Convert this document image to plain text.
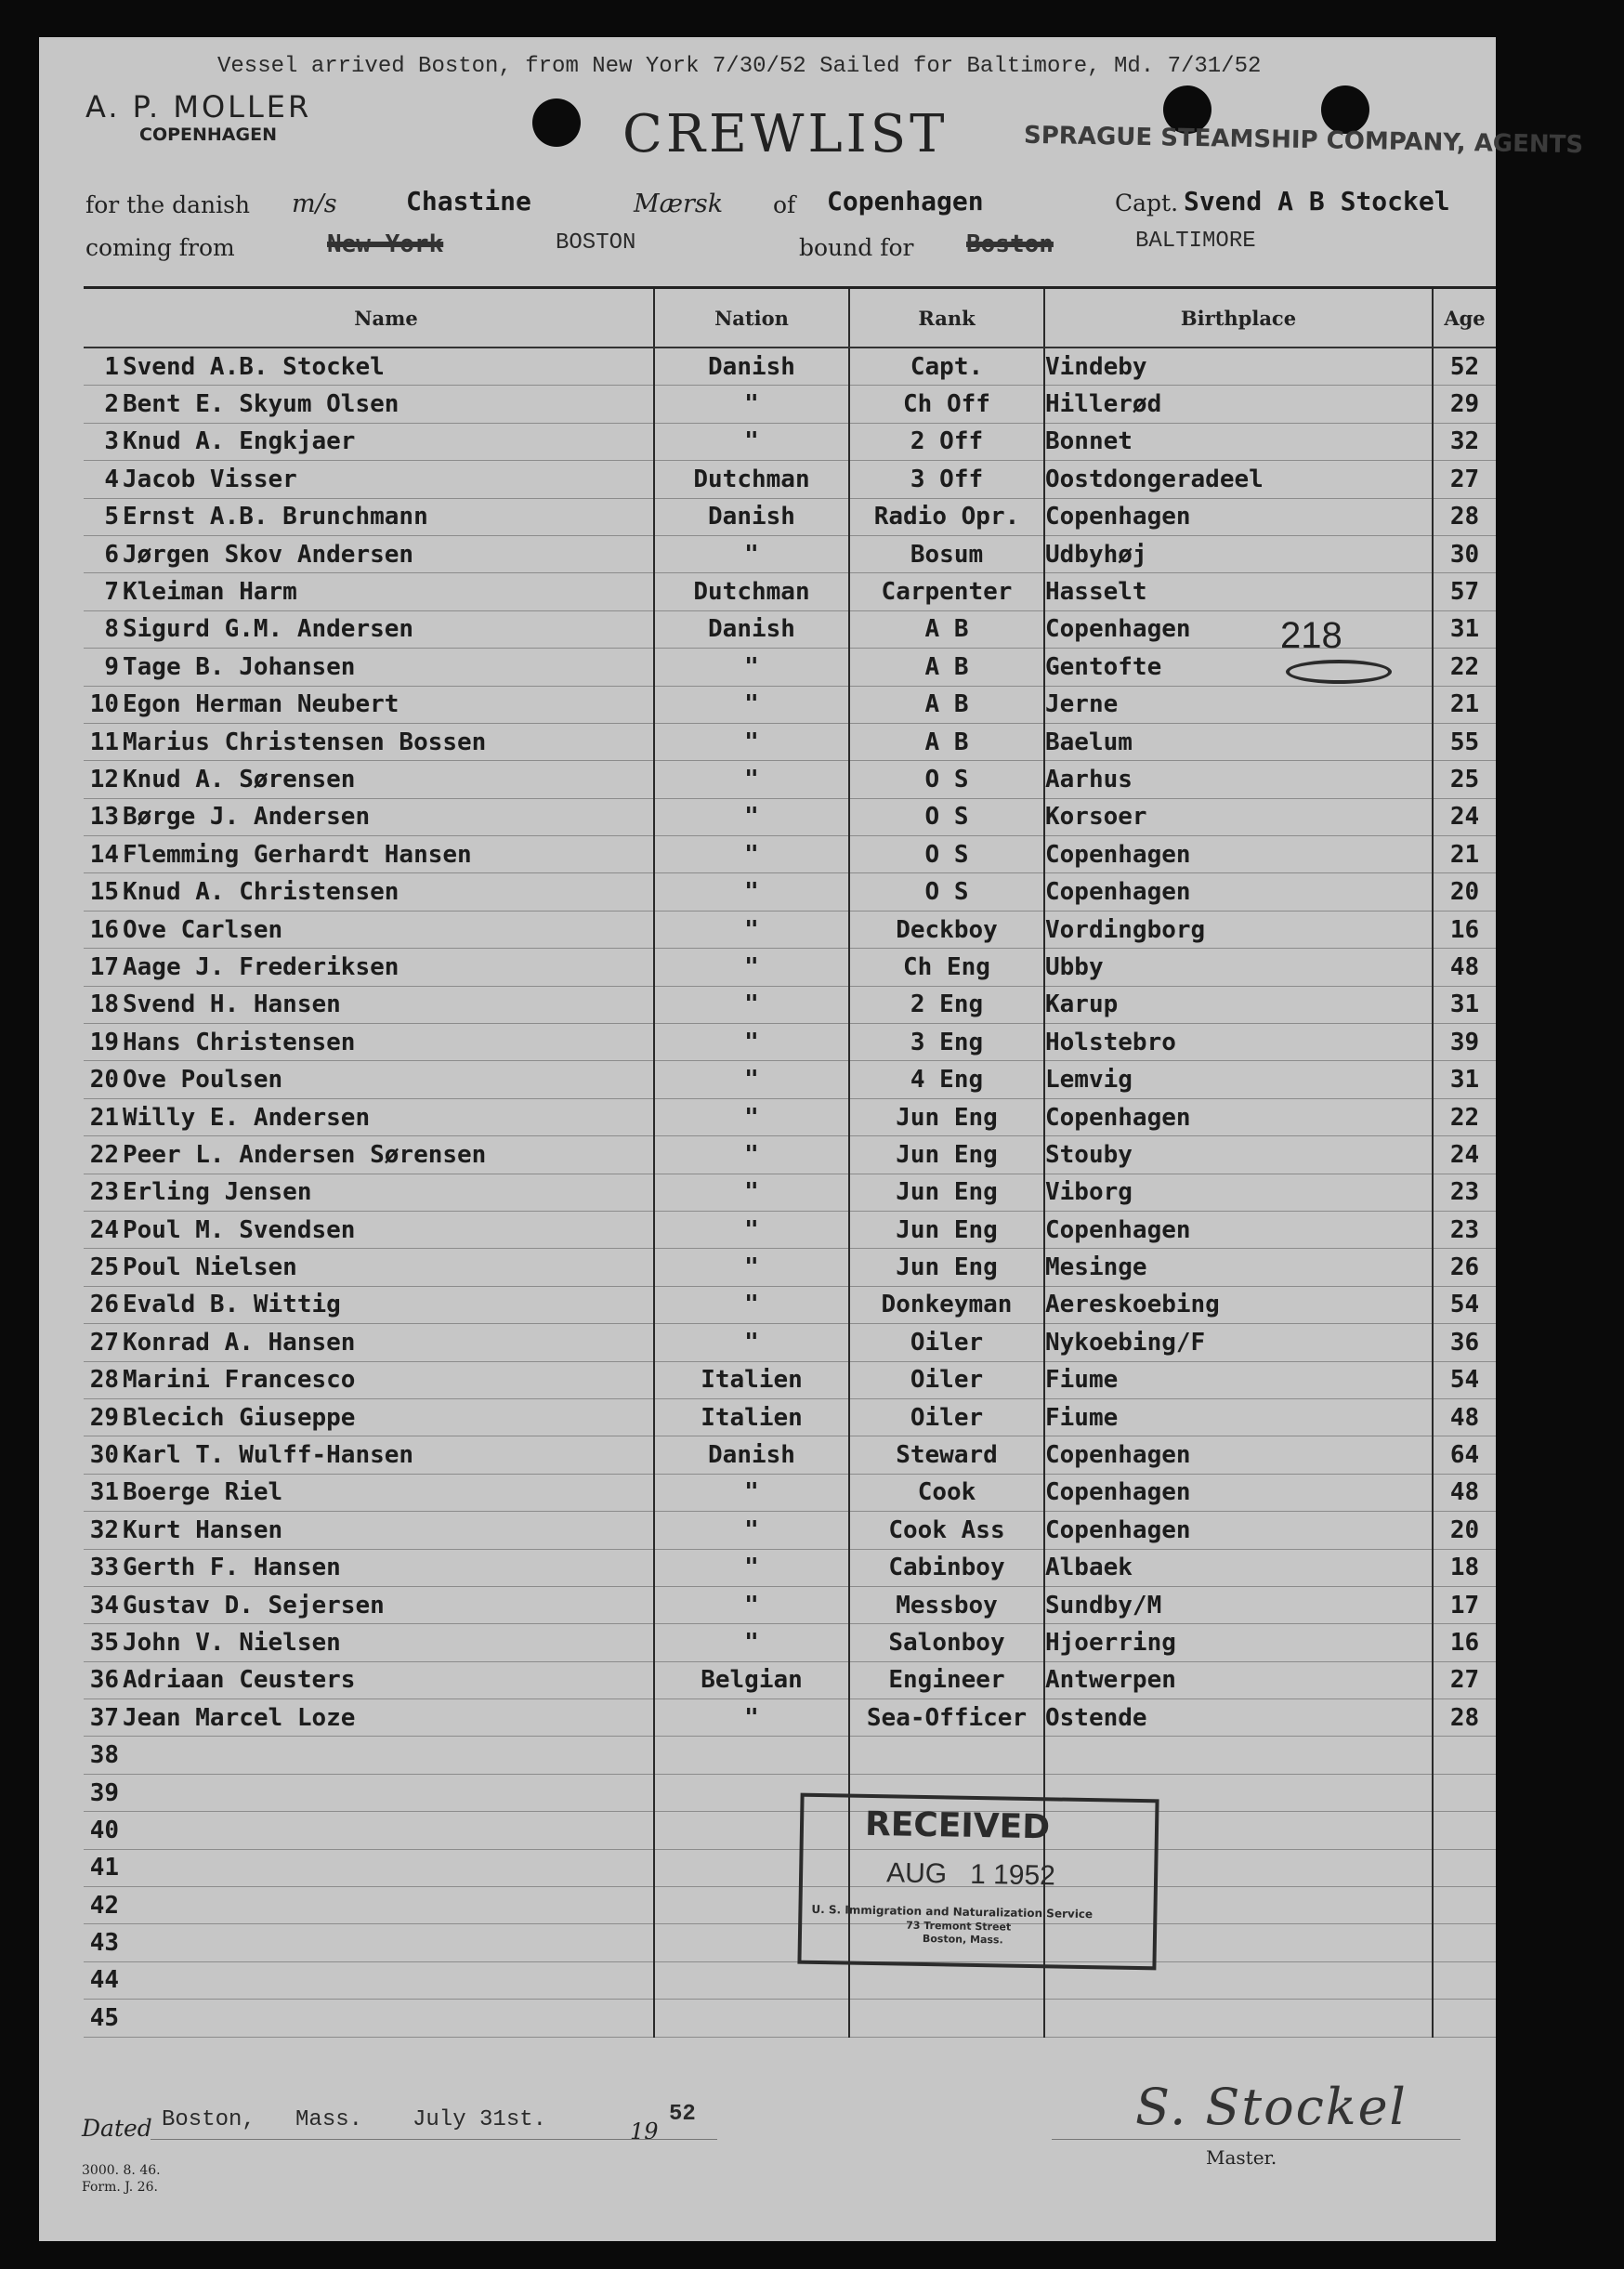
Vessel arrived Boston, from New York 7/30/52 Sailed for Baltimore, Md. 7/31/52
A. P. MOLLER
COPENHAGEN	CREWLIST	SPRAGUE STEAMSHIP COMPANY, AGENTS
for the danish m/s	Chastine	Mærsk of Copenhagen	Capt. Svend A B Stockel
coming from	New York	BOSTON	bound for Boston	BALTIMORE
	Name	Nation	Rank	Birthplace	Age
1	Svend A.B. Stockel	Danish	Capt.	Vindeby	52
2	Bent E. Skyum Olsen	"	Ch Off	Hillerød	29
3	Knud A. Engkjaer	"	2 Off	Bonnet	32
4	Jacob Visser	Dutchman	3 Off	Oostdongeradeel	27
5	Ernst A.B. Brunchmann	Danish	Radio Opr.	Copenhagen	28
6	Jørgen Skov Andersen	"	Bosum	Udbyhøj	30
7	Kleiman Harm	Dutchman	Carpenter	Hasselt	57
8	Sigurd G.M. Andersen	Danish	A B	Copenhagen	31
9	Tage B. Johansen	"	A B	Gentofte	22
10	Egon Herman Neubert	"	A B	Jerne	21
11	Marius Christensen Bossen	"	A B	Baelum	55
12	Knud A. Sørensen	"	O S	Aarhus	25
13	Børge J. Andersen	"	O S	Korsoer	24
14	Flemming Gerhardt Hansen	"	O S	Copenhagen	21
15	Knud A. Christensen	"	O S	Copenhagen	20
16	Ove Carlsen	"	Deckboy	Vordingborg	16
17	Aage J. Frederiksen	"	Ch Eng	Ubby	48
18	Svend H. Hansen	"	2 Eng	Karup	31
19	Hans Christensen	"	3 Eng	Holstebro	39
20	Ove Poulsen	"	4 Eng	Lemvig	31
21	Willy E. Andersen	"	Jun Eng	Copenhagen	22
22	Peer L. Andersen Sørensen	"	Jun Eng	Stouby	24
23	Erling Jensen	"	Jun Eng	Viborg	23
24	Poul M. Svendsen	"	Jun Eng	Copenhagen	23
25	Poul Nielsen	"	Jun Eng	Mesinge	26
26	Evald B. Wittig	"	Donkeyman	Aereskoebing	54
27	Konrad A. Hansen	"	Oiler	Nykoebing/F	36
28	Marini Francesco	Italien	Oiler	Fiume	54
29	Blecich Giuseppe	Italien	Oiler	Fiume	48
30	Karl T. Wulff-Hansen	Danish	Steward	Copenhagen	64
31	Boerge Riel	"	Cook	Copenhagen	48
32	Kurt Hansen	"	Cook Ass	Copenhagen	20
33	Gerth F. Hansen	"	Cabinboy	Albaek	18
34	Gustav D. Sejersen	"	Messboy	Sundby/M	17
35	John V. Nielsen	"	Salonboy	Hjoerring	16
36	Adriaan Ceusters	Belgian	Engineer	Antwerpen	27
37	Jean Marcel Loze	"	Sea-Officer	Ostende	28
38					
39					
40					
41					
42					
43					
44					
45					
218
RECEIVED
AUG   1 1952
U. S. Immigration and Naturalization Service
73 Tremont Street
Boston, Mass.
Dated Boston,   Mass. July 31st.	19
52	S. Stockel
Master.
3000. 8. 46.
Form. J. 26.
